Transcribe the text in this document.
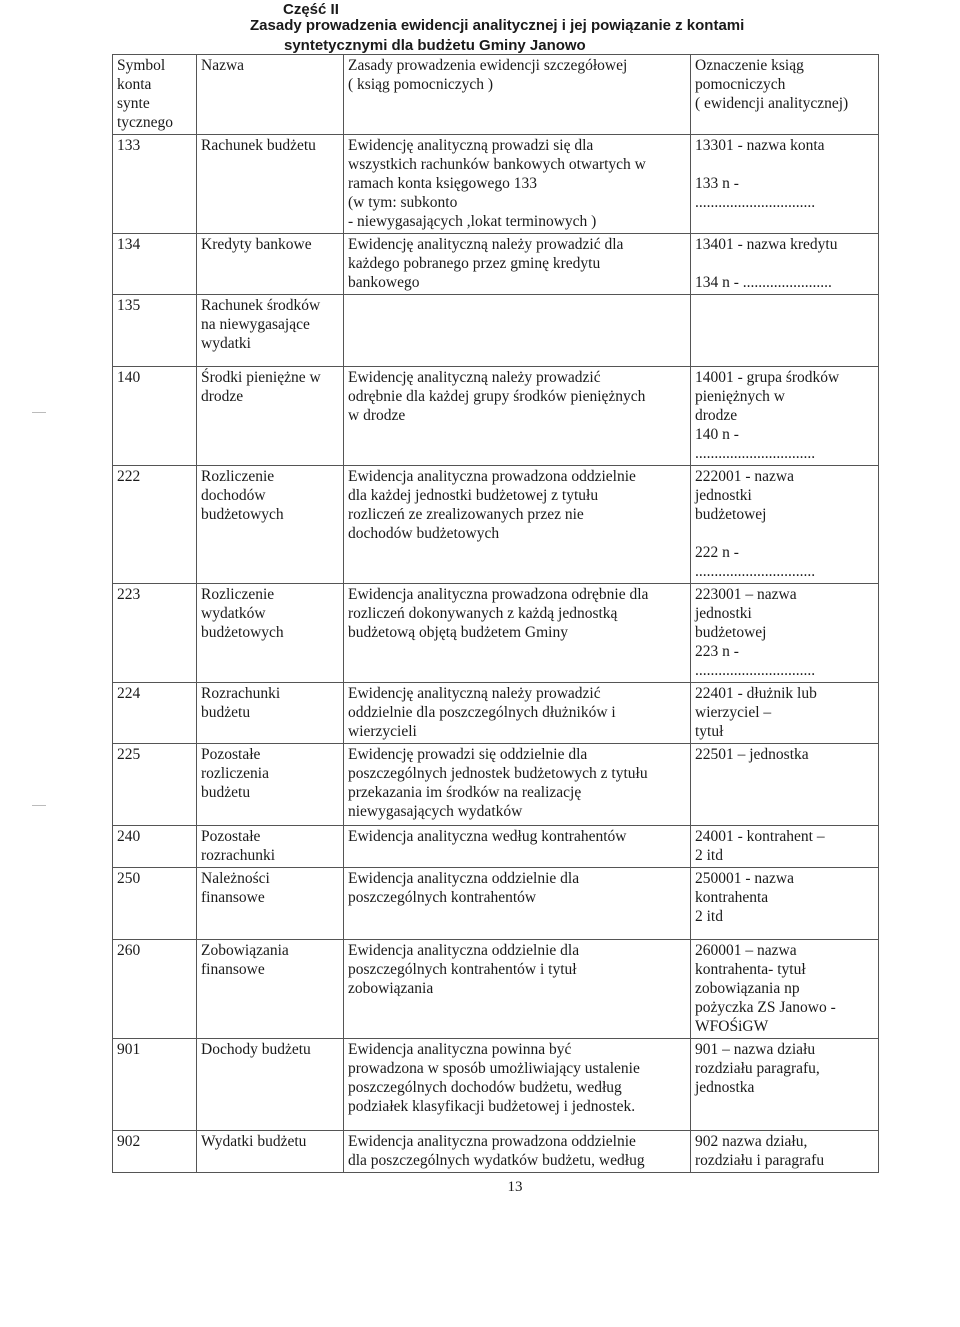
Część II
Zasady prowadzenia ewidencji analitycznej i jej powiązanie z kontami
syntetycznymi dla budżetu Gminy Janowo
Symbol
konta
synte
tycznego	Nazwa	Zasady prowadzenia ewidencji szczegółowej
( ksiąg pomocniczych )	Oznaczenie ksiąg
pomocniczych
( ewidencji analitycznej)
133	Rachunek budżetu	Ewidencję analityczną prowadzi się dla
wszystkich rachunków bankowych otwartych w
ramach konta księgowego 133
(w tym: subkonto
- niewygasających ,lokat terminowych )	13301 - nazwa konta

133 n -
...............................
134	Kredyty bankowe	Ewidencję analityczną należy prowadzić dla
każdego pobranego przez gminę kredytu
bankowego	13401 - nazwa kredytu

134 n - .......................
135	Rachunek środków
na niewygasające
wydatki		
140	Środki pieniężne w
drodze	Ewidencję analityczną należy prowadzić
odrębnie dla każdej grupy środków pieniężnych
w drodze	14001 - grupa środków
pieniężnych w
drodze
140 n -
...............................
222	Rozliczenie
dochodów
budżetowych	Ewidencja analityczna prowadzona oddzielnie
dla każdej jednostki budżetowej z tytułu
rozliczeń ze zrealizowanych przez nie
dochodów budżetowych	222001 - nazwa
jednostki
budżetowej

222 n -
...............................
223	Rozliczenie
wydatków
budżetowych	Ewidencja analityczna prowadzona odrębnie dla
rozliczeń dokonywanych z każdą jednostką
budżetową objętą budżetem Gminy	223001 – nazwa
jednostki
budżetowej
223 n -
...............................
224	Rozrachunki
budżetu	Ewidencję analityczną należy prowadzić
oddzielnie dla poszczególnych dłużników i
wierzycieli	22401 - dłużnik lub
wierzyciel –
tytuł
225	Pozostałe
rozliczenia
budżetu	Ewidencję prowadzi się oddzielnie dla
poszczególnych jednostek budżetowych z tytułu
przekazania im środków na realizację
niewygasających wydatków	22501 – jednostka
240	Pozostałe
rozrachunki	Ewidencja analityczna według kontrahentów	24001 - kontrahent –
2 itd
250	Należności
finansowe	Ewidencja analityczna oddzielnie dla
poszczególnych kontrahentów	250001 - nazwa
kontrahenta
2 itd
260	Zobowiązania
finansowe	Ewidencja analityczna oddzielnie dla
poszczególnych kontrahentów i tytuł
zobowiązania	260001 – nazwa
kontrahenta- tytuł
zobowiązania np
pożyczka ZS Janowo -
WFOŚiGW
901	Dochody budżetu	Ewidencja analityczna powinna być
prowadzona w sposób umożliwiający ustalenie
poszczególnych dochodów budżetu, według
podziałek klasyfikacji budżetowej i jednostek.	901 – nazwa działu
rozdziału paragrafu,
jednostka
902	Wydatki budżetu	Ewidencja analityczna prowadzona oddzielnie
dla poszczególnych wydatków budżetu, według	902 nazwa działu,
rozdziału i paragrafu
13
